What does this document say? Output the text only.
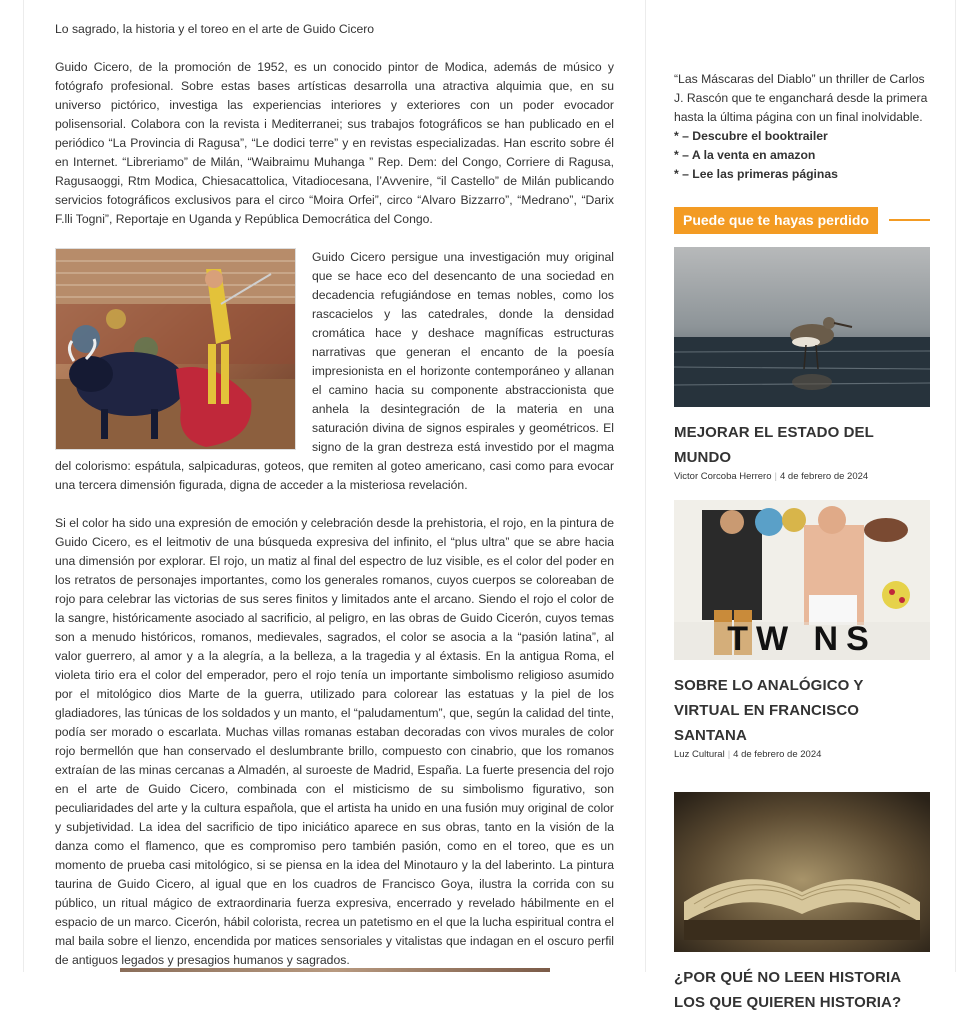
Lo sagrado, la historia y el toreo en el arte de Guido Cicero

Guido Cicero, de la promoción de 1952, es un conocido pintor de Modica, además de músico y fotógrafo profesional. Sobre estas bases artísticas desarrolla una atractiva alquimia que, en su universo pictórico, investiga las experiencias interiores y exteriores con un poder evocador polisensorial. Colabora con la revista i Mediterranei; sus trabajos fotográficos se han publicado en el periódico “La Provincia di Ragusa”, “Le dodici terre” y en revistas especializadas. Han escrito sobre él en Internet. “Libreriamo” de Milán, “Waibraimu Muhanga ” Rep. Dem: del Congo, Corriere di Ragusa, Ragusaoggi, Rtm Modica, Chiesacattolica, Vitadiocesana, l’Avvenire, “il Castello” de Milán publicando servicios fotográficos exclusivos para el circo “Moira Orfei”, circo “Alvaro Bizzarro”, “Medrano”, “Darix F.lli Togni”, Reportaje en Uganda y República Democrática del Congo.

Guido Cicero persigue una investigación muy original que se hace eco del desencanto de una sociedad en decadencia refugiándose en temas nobles, como los rascacielos y las catedrales, donde la densidad cromática hace y deshace magníficas estructuras narrativas que generan el encanto de la poesía impresionista en el horizonte contemporáneo y allanan el camino hacia su componente abstraccionista que anhela la desintegración de la materia en una saturación divina de signos espirales y geométricos. El signo de la gran destreza está investido por el magma del colorismo: espátula, salpicaduras, goteos, que remiten al goteo americano, casi como para evocar una tercera dimensión figurada, digna de acceder a la misteriosa revelación.

Si el color ha sido una expresión de emoción y celebración desde la prehistoria, el rojo, en la pintura de Guido Cicero, es el leitmotiv de una búsqueda expresiva del infinito, el “plus ultra” que se abre hacia una dimensión por explorar. El rojo, un matiz al final del espectro de luz visible, es el color del poder en los retratos de personajes importantes, como los generales romanos, cuyos cuerpos se coloreaban de rojo para celebrar las victorias de sus seres finitos y limitados ante el arcano. Siendo el rojo el color de la sangre, históricamente asociado al sacrificio, al peligro, en las obras de Guido Cicerón, cuyos temas son a menudo históricos, romanos, medievales, sagrados, el color se asocia a la “pasión latina”, al valor guerrero, al amor y a la alegría, a la belleza, a la tragedia y al éxtasis. En la antigua Roma, el violeta tirio era el color del emperador, pero el rojo tenía un importante simbolismo religioso asumido por el mitológico dios Marte de la guerra, utilizado para colorear las estatuas y la piel de los gladiadores, las túnicas de los soldados y un manto, el “paludamentum”, que, según la calidad del tinte, podía ser morado o escarlata. Muchas villas romanas estaban decoradas con vivos murales de color rojo bermellón que han conservado el deslumbrante brillo, compuesto con cinabrio, que los romanos extraían de las minas cercanas a Almadén, al suroeste de Madrid, España. La fuerte presencia del rojo en el arte de Guido Cicero, combinada con el misticismo de su simbolismo figurativo, son peculiaridades del arte y la cultura española, que el artista ha unido en una fusión muy original de color y subjetividad. La idea del sacrificio de tipo iniciático aparece en sus obras, tanto en la visión de la danza como el flamenco, que es compromiso pero también pasión, como en el toreo, que es un momento de prueba casi mitológico, si se piensa en la idea del Minotauro y la del laberinto. La pintura taurina de Guido Cicero, al igual que en los cuadros de Francisco Goya, ilustra la corrida con su público, un ritual mágico de extraordinaria fuerza expresiva, encerrado y revelado hábilmente en el espacio de un marco. Cicerón, hábil colorista, recrea un patetismo en el que la lucha espiritual contra el mal baila sobre el lienzo, encendida por matices sensoriales y vitalistas que indagan en el oscuro perfil de antiguos legados y presagios humanos y sagrados.

“Las Máscaras del Diablo” un thriller de Carlos J. Rascón que te enganchará desde la primera hasta la última página con un final inolvidable.

* – Descubre el booktrailer
* – A la venta en amazon
* – Lee las primeras páginas
Puede que te hayas perdido
MEJORAR EL ESTADO DEL MUNDO
Victor Corcoba Herrero | 4 de febrero de 2024
TW NS
SOBRE LO ANALÓGICO Y VIRTUAL EN FRANCISCO SANTANA
Luz Cultural | 4 de febrero de 2024
¿POR QUÉ NO LEEN HISTORIA LOS QUE QUIEREN HISTORIA?
